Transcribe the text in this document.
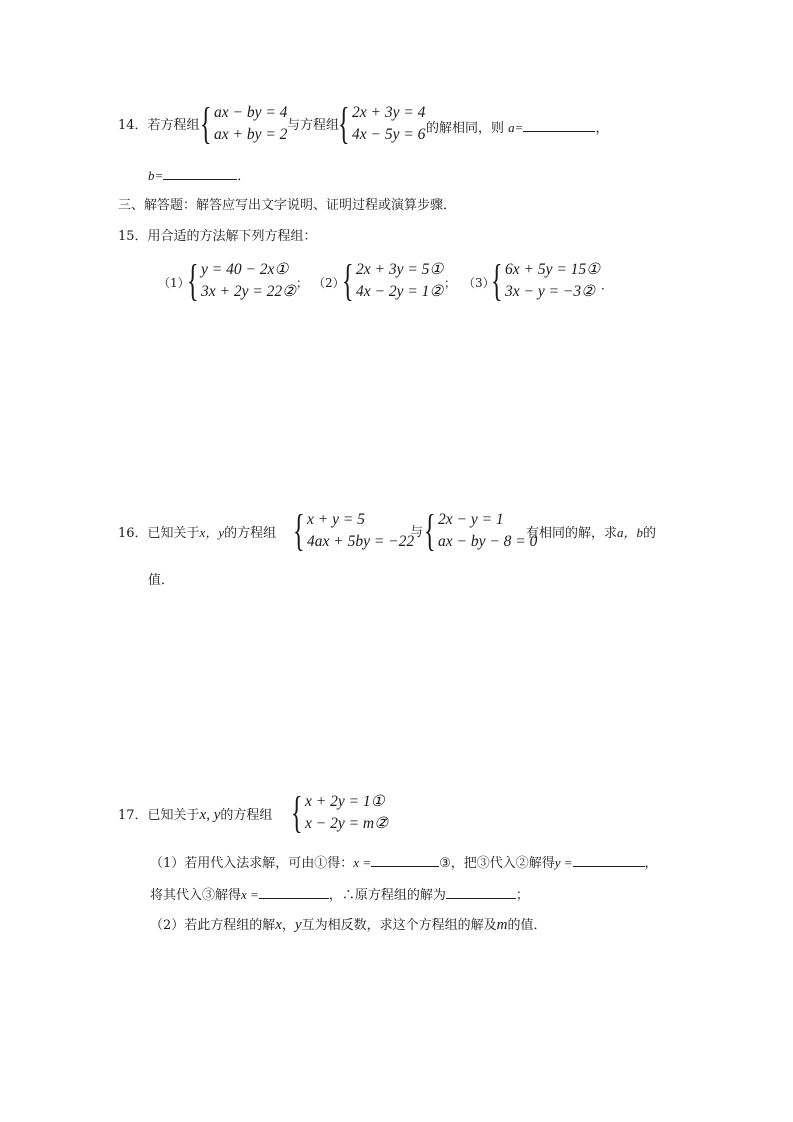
14．若方程组 { ax − by = 4
ax + by = 2
与方程组
{ 2x + 3y = 4
4x − 5y = 6 的解相同，则 a=	，
b=	．
三、解答题：解答应写出文字说明、证明过程或演算步骤．
15．用合适的方法解下列方程组：
（1）
{ y = 40 − 2x①
3x + 2y = 22② ； （2）
{ 2x + 3y = 5①
4x − 2y = 1② ； （3）
{ 6x + 5y = 15①
3x − y = −3② ．
16．已知关于x，y的方程组 { x + y = 5
4ax + 5by = −22
与 { 2x − y = 1
ax − by − 8 = 0
有相同的解，求a，b的
值．
17．已知关于x, y的方程组 { x + 2y = 1①
x − 2y = m②
．
（1）若用代入法求解，可由①得：x =	③，把③代入②解得y =	，
将其代入③解得x =	，∴原方程组的解为	；
（2）若此方程组的解x，y互为相反数，求这个方程组的解及m的值．
